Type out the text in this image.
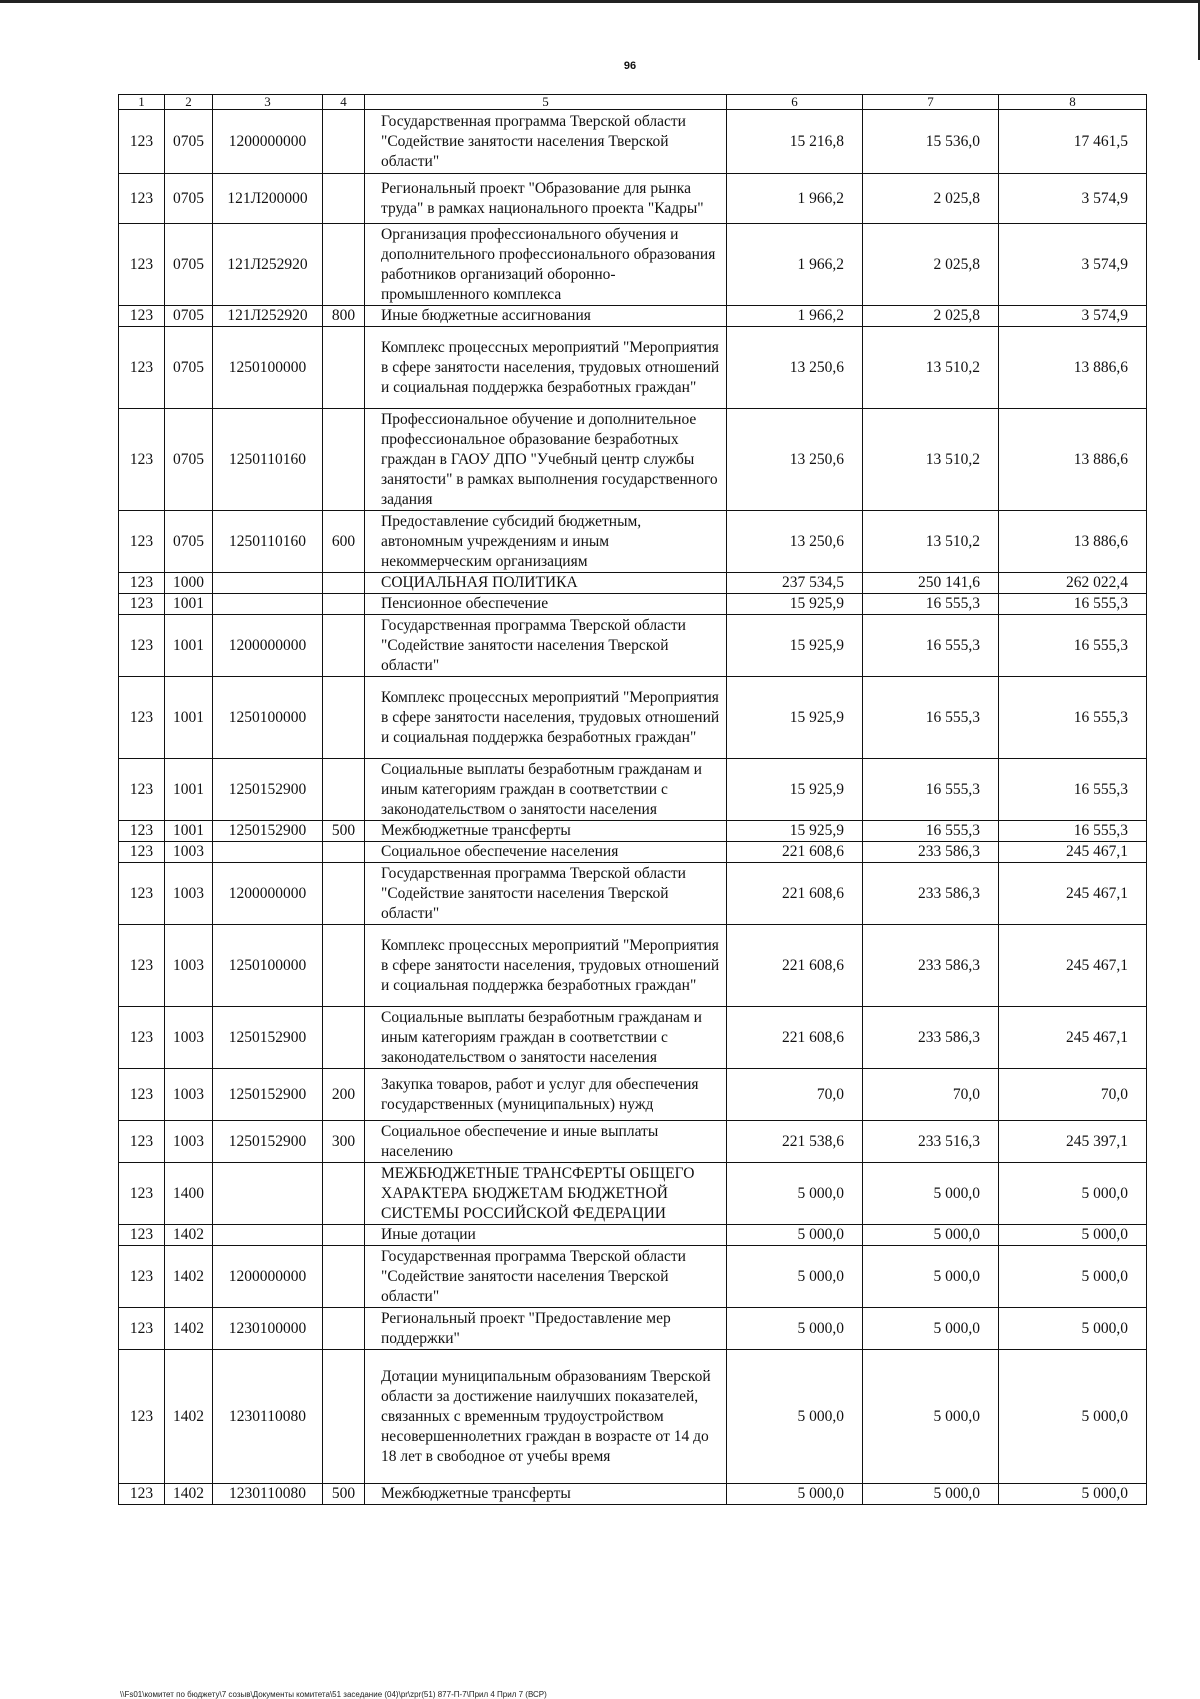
96
1	2	3	4	5	6	7	8
123	0705	1200000000		Государственная программа Тверской области "Содействие занятости населения Тверской области"	15 216,8	15 536,0	17 461,5
123	0705	121Л200000		Региональный проект "Образование для рынка труда" в рамках национального проекта "Кадры"	1 966,2	2 025,8	3 574,9
123	0705	121Л252920		Организация профессионального обучения и дополнительного профессионального образования работников организаций оборонно-промышленного комплекса	1 966,2	2 025,8	3 574,9
123	0705	121Л252920	800	Иные бюджетные ассигнования	1 966,2	2 025,8	3 574,9
123	0705	1250100000		Комплекс процессных мероприятий "Мероприятия в сфере занятости населения, трудовых отношений и социальная поддержка безработных граждан"	13 250,6	13 510,2	13 886,6
123	0705	1250110160		Профессиональное обучение и дополнительное профессиональное образование безработных граждан в ГАОУ ДПО "Учебный центр службы занятости" в рамках выполнения государственного задания	13 250,6	13 510,2	13 886,6
123	0705	1250110160	600	Предоставление субсидий бюджетным, автономным учреждениям и иным некоммерческим организациям	13 250,6	13 510,2	13 886,6
123	1000			СОЦИАЛЬНАЯ ПОЛИТИКА	237 534,5	250 141,6	262 022,4
123	1001			Пенсионное обеспечение	15 925,9	16 555,3	16 555,3
123	1001	1200000000		Государственная программа Тверской области "Содействие занятости населения Тверской области"	15 925,9	16 555,3	16 555,3
123	1001	1250100000		Комплекс процессных мероприятий "Мероприятия в сфере занятости населения, трудовых отношений и социальная поддержка безработных граждан"	15 925,9	16 555,3	16 555,3
123	1001	1250152900		Социальные выплаты безработным гражданам и иным категориям граждан в соответствии с законодательством о занятости населения	15 925,9	16 555,3	16 555,3
123	1001	1250152900	500	Межбюджетные трансферты	15 925,9	16 555,3	16 555,3
123	1003			Социальное обеспечение населения	221 608,6	233 586,3	245 467,1
123	1003	1200000000		Государственная программа Тверской области "Содействие занятости населения Тверской области"	221 608,6	233 586,3	245 467,1
123	1003	1250100000		Комплекс процессных мероприятий "Мероприятия в сфере занятости населения, трудовых отношений и социальная поддержка безработных граждан"	221 608,6	233 586,3	245 467,1
123	1003	1250152900		Социальные выплаты безработным гражданам и иным категориям граждан в соответствии с законодательством о занятости населения	221 608,6	233 586,3	245 467,1
123	1003	1250152900	200	Закупка товаров, работ и услуг для обеспечения государственных (муниципальных) нужд	70,0	70,0	70,0
123	1003	1250152900	300	Социальное обеспечение и иные выплаты населению	221 538,6	233 516,3	245 397,1
123	1400			МЕЖБЮДЖЕТНЫЕ ТРАНСФЕРТЫ ОБЩЕГО ХАРАКТЕРА БЮДЖЕТАМ БЮДЖЕТНОЙ СИСТЕМЫ РОССИЙСКОЙ ФЕДЕРАЦИИ	5 000,0	5 000,0	5 000,0
123	1402			Иные дотации	5 000,0	5 000,0	5 000,0
123	1402	1200000000		Государственная программа Тверской области "Содействие занятости населения Тверской области"	5 000,0	5 000,0	5 000,0
123	1402	1230100000		Региональный проект "Предоставление мер поддержки"	5 000,0	5 000,0	5 000,0
123	1402	1230110080		Дотации муниципальным образованиям Тверской области за достижение наилучших показателей, связанных с временным трудоустройством несовершеннолетних граждан в возрасте от 14 до 18 лет в свободное от учебы время	5 000,0	5 000,0	5 000,0
123	1402	1230110080	500	Межбюджетные трансферты	5 000,0	5 000,0	5 000,0
\\Fs01\комитет по бюджету\7 созыв\Документы комитета\51 заседание (04)\pr\zpr(51) 877-П-7\Прил 4 Прил 7 (ВСР)
